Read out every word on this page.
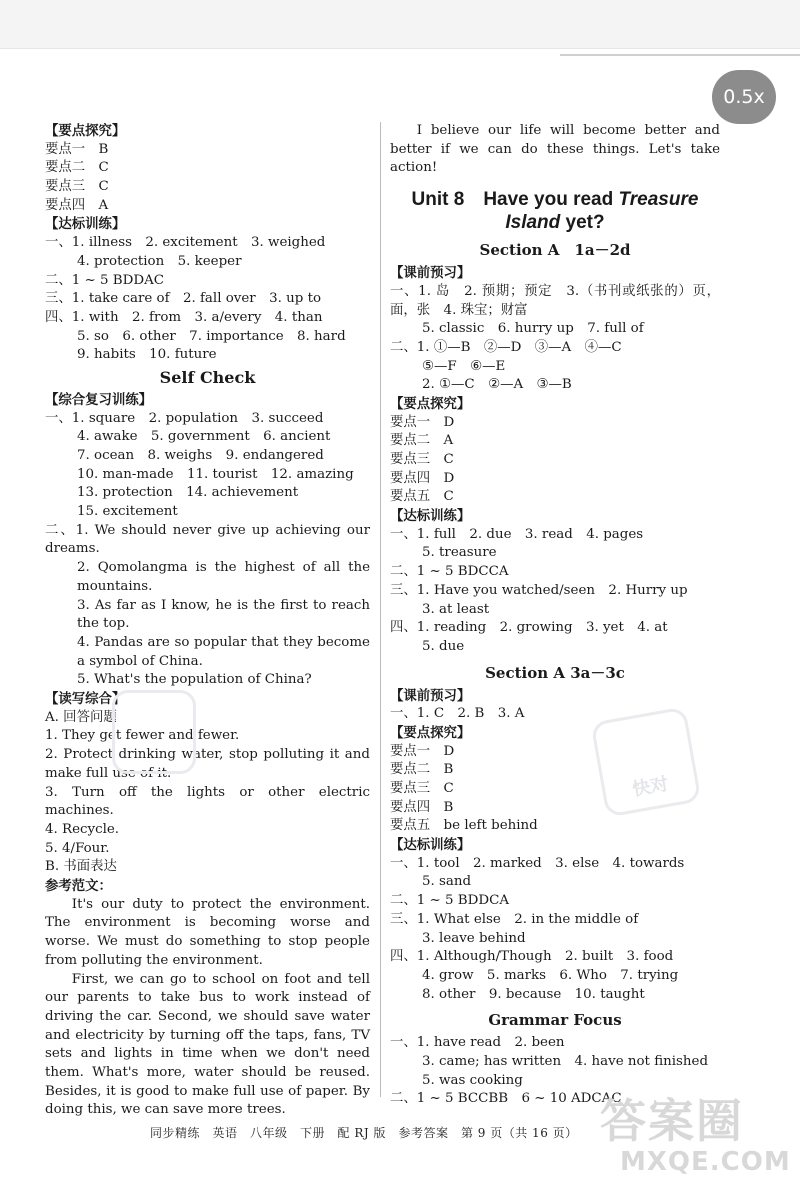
0.5x
【要点探究】
要点一　B
要点二　C
要点三　C
要点四　A
【达标训练】
一、1. illness　2. excitement　3. weighed
4. protection　5. keeper
二、1 ~ 5 BDDAC
三、1. take care of　2. fall over　3. up to
四、1. with　2. from　3. a/every　4. than
5. so　6. other　7. importance　8. hard
9. habits　10. future
Self Check
【综合复习训练】
一、1. square　2. population　3. succeed
4. awake　5. government　6. ancient
7. ocean　8. weighs　9. endangered
10. man-made　11. tourist　12. amazing
13. protection　14. achievement
15. excitement
二、1. We should never give up achieving our dreams.
2. Qomolangma is the highest of all the mountains.
3. As far as I know, he is the first to reach the top.
4. Pandas are so popular that they become a symbol of China.
5. What's the population of China?
【读写综合】
A. 回答问题
1. They get fewer and fewer.
2. Protect drinking water, stop polluting it and make full use of it.
3. Turn off the lights or other electric machines.
4. Recycle.
5. 4/Four.
B. 书面表达
参考范文：
It's our duty to protect the environment. The environment is becoming worse and worse. We must do something to stop people from polluting the environment.
First, we can go to school on foot and tell our parents to take bus to work instead of driving the car. Second, we should save water and electricity by turning off the taps, fans, TV sets and lights in time when we don't need them. What's more, water should be reused. Besides, it is good to make full use of paper. By doing this, we can save more trees.
I believe our life will become better and better if we can do these things. Let's take action!
Unit 8　Have you read Treasure
Island yet?
Section A　1a－2d
【课前预习】
一、1. 岛　2. 预期；预定　3.（书刊或纸张的）页，面，张　4. 珠宝；财富
5. classic　6. hurry up　7. full of
二、1. ①—B　②—D　③—A　④—C
⑤—F　⑥—E
2. ①—C　②—A　③—B
【要点探究】
要点一　D
要点二　A
要点三　C
要点四　D
要点五　C
【达标训练】
一、1. full　2. due　3. read　4. pages
5. treasure
二、1 ~ 5 BDCCA
三、1. Have you watched/seen　2. Hurry up
3. at least
四、1. reading　2. growing　3. yet　4. at
5. due
Section A 3a－3c
【课前预习】
一、1. C　2. B　3. A
【要点探究】
要点一　D
要点二　B
要点三　C
要点四　B
要点五　be left behind
【达标训练】
一、1. tool　2. marked　3. else　4. towards
5. sand
二、1 ~ 5 BDDCA
三、1. What else　2. in the middle of
3. leave behind
四、1. Although/Though　2. built　3. food
4. grow　5. marks　6. Who　7. trying
8. other　9. because　10. taught
Grammar Focus
一、1. have read　2. been
3. came; has written　4. have not finished
5. was cooking
二、1 ~ 5 BCCBB　6 ~ 10 ADCAC
快对
答案圈
MXQE.COM
同步精练　英语　八年级　下册　配 RJ 版　参考答案　第 9 页（共 16 页）
